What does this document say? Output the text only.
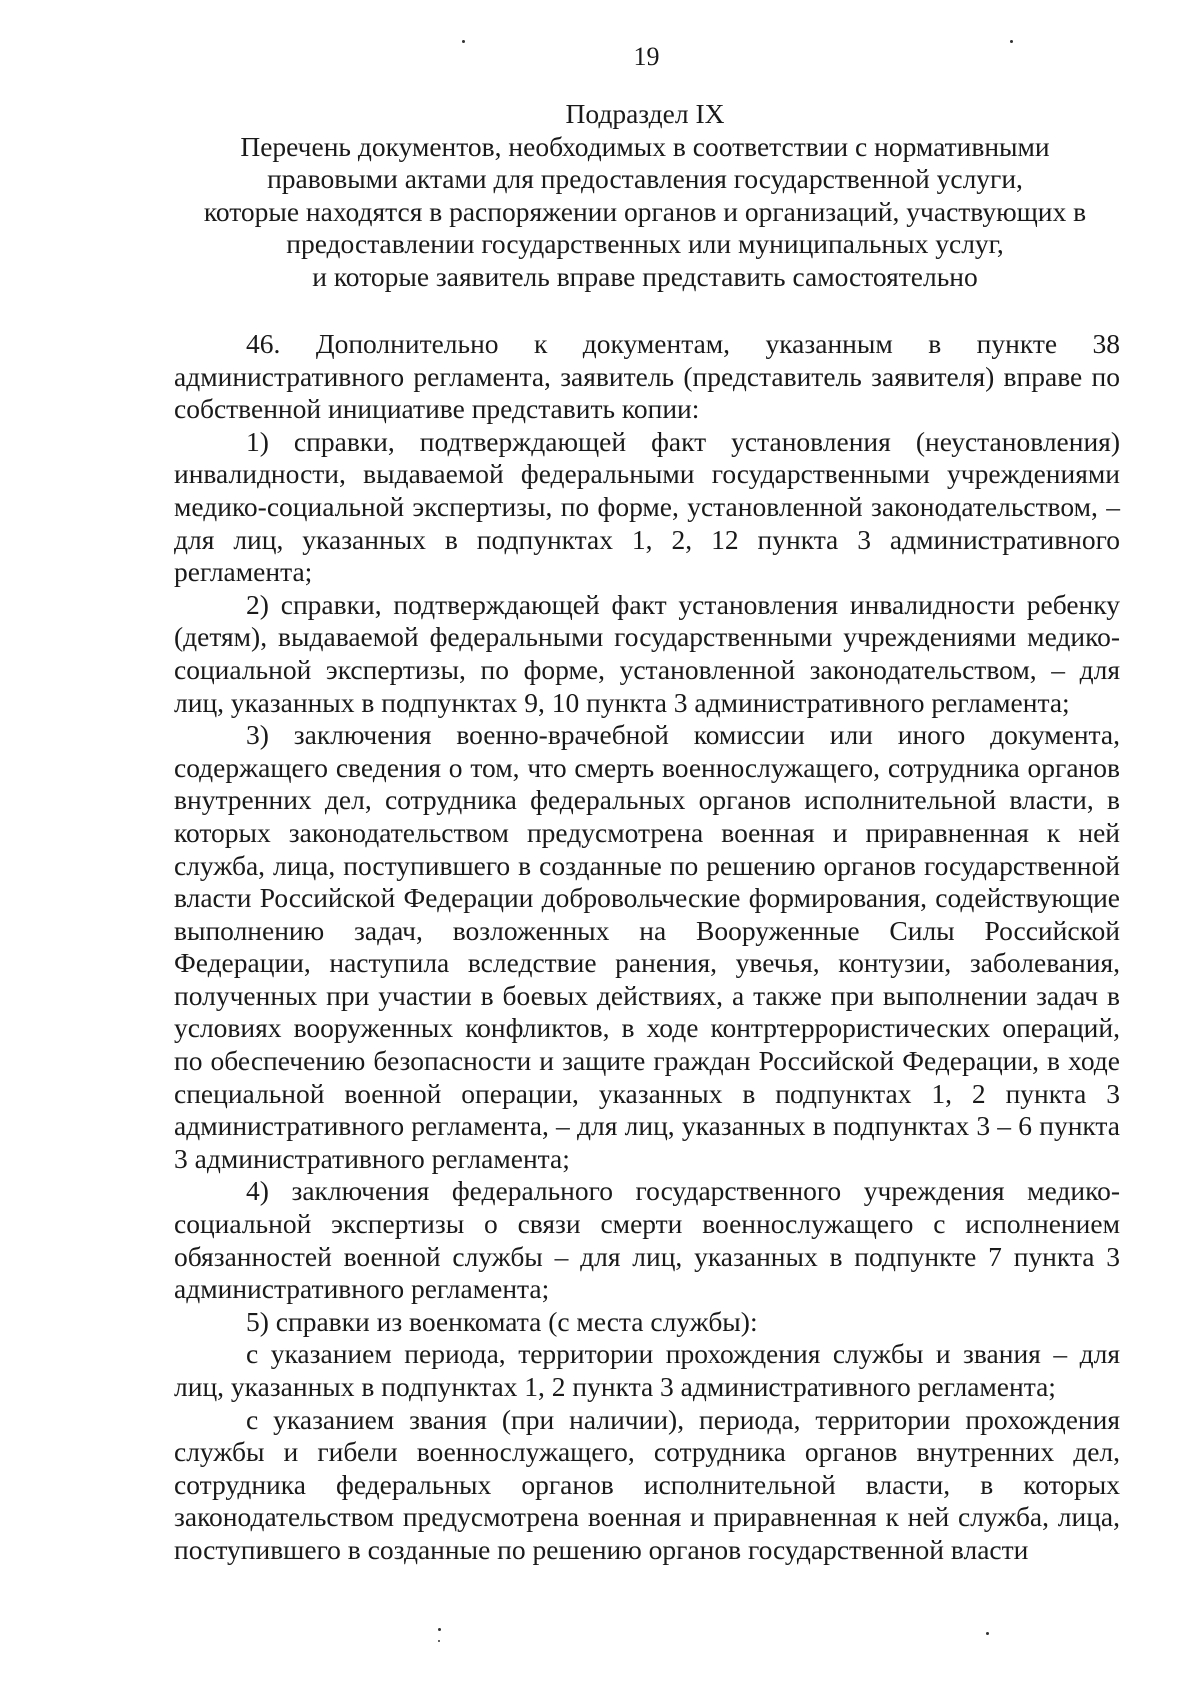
19
Подраздел IX
Перечень документов, необходимых в соответствии с нормативными
правовыми актами для предоставления государственной услуги,
которые находятся в распоряжении органов и организаций, участвующих в
предоставлении государственных или муниципальных услуг,
и которые заявитель вправе представить самостоятельно

46. Дополнительно к документам, указанным в пункте 38 административного регламента, заявитель (представитель заявителя) вправе по собственной инициативе представить копии:

1) справки, подтверждающей факт установления (неустановления) инвалидности, выдаваемой федеральными государственными учреждениями медико-социальной экспертизы, по форме, установленной законодательством, – для лиц, указанных в подпунктах 1, 2, 12 пункта 3 административного регламента;

2) справки, подтверждающей факт установления инвалидности ребенку (детям), выдаваемой федеральными государственными учреждениями медико-социальной экспертизы, по форме, установленной законодательством, – для лиц, указанных в подпунктах 9, 10 пункта 3 административного регламента;

3) заключения военно-врачебной комиссии или иного документа, содержащего сведения о том, что смерть военнослужащего, сотрудника органов внутренних дел, сотрудника федеральных органов исполнительной власти, в которых законодательством предусмотрена военная и приравненная к ней служба, лица, поступившего в созданные по решению органов государственной власти Российской Федерации добровольческие формирования, содействующие выполнению задач, возложенных на Вооруженные Силы Российской Федерации, наступила вследствие ранения, увечья, контузии, заболевания, полученных при участии в боевых действиях, а также при выполнении задач в условиях вооруженных конфликтов, в ходе контртеррористических операций, по обеспечению безопасности и защите граждан Российской Федерации, в ходе специальной военной операции, указанных в подпунктах 1, 2 пункта 3 административного регламента, – для лиц, указанных в подпунктах 3 – 6 пункта 3 административного регламента;

4) заключения федерального государственного учреждения медико-социальной экспертизы о связи смерти военнослужащего с исполнением обязанностей военной службы – для лиц, указанных в подпункте 7 пункта 3 административного регламента;

5) справки из военкомата (с места службы):

с указанием периода, территории прохождения службы и звания – для лиц, указанных в подпунктах 1, 2 пункта 3 административного регламента;

с указанием звания (при наличии), периода, территории прохождения службы и гибели военнослужащего, сотрудника органов внутренних дел, сотрудника федеральных органов исполнительной власти, в которых законодательством предусмотрена военная и приравненная к ней служба, лица, поступившего в созданные по решению органов государственной власти
